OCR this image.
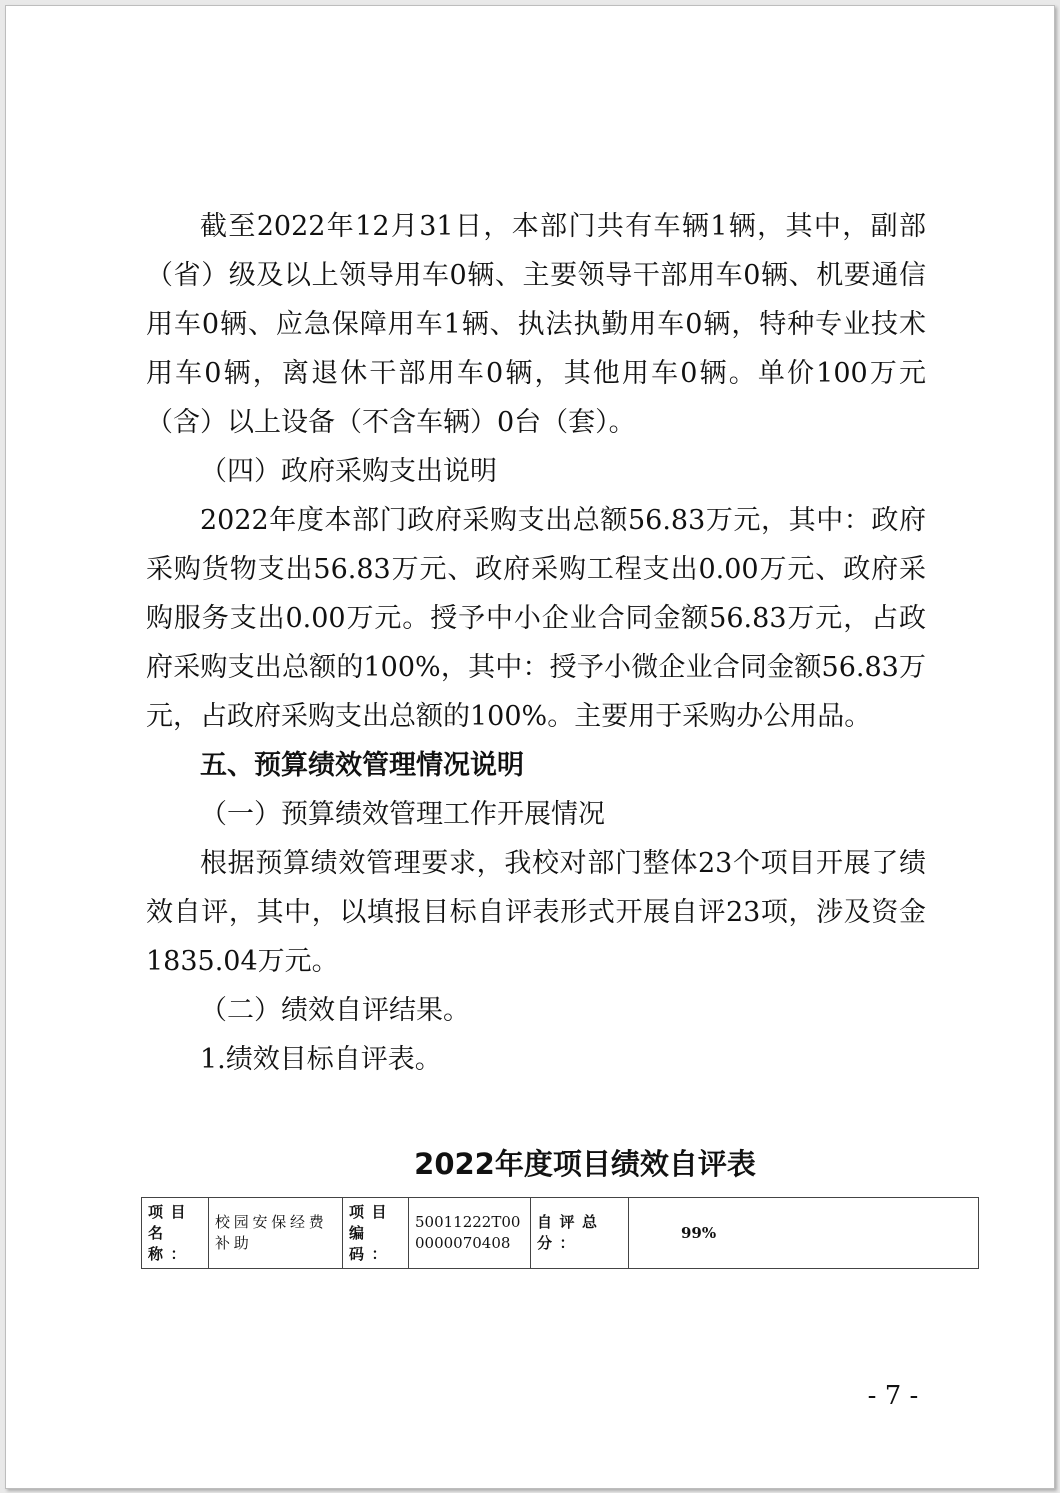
截至2022年12月31日，本部门共有车辆1辆，其中，副部（省）级及以上领导用车0辆、主要领导干部用车0辆、机要通信用车0辆、应急保障用车1辆、执法执勤用车0辆，特种专业技术用车0辆，离退休干部用车0辆，其他用车0辆。单价100万元（含）以上设备（不含车辆）0台（套）。

（四）政府采购支出说明

2022年度本部门政府采购支出总额56.83万元，其中：政府采购货物支出56.83万元、政府采购工程支出0.00万元、政府采购服务支出0.00万元。授予中小企业合同金额56.83万元，占政府采购支出总额的100%，其中：授予小微企业合同金额56.83万元，占政府采购支出总额的100%。主要用于采购办公用品。

五、预算绩效管理情况说明

（一）预算绩效管理工作开展情况

根据预算绩效管理要求，我校对部门整体23个项目开展了绩效自评，其中，以填报目标自评表形式开展自评23项，涉及资金1835.04万元。

（二）绩效自评结果。

1.绩效目标自评表。

2022年度项目绩效自评表

项目名称：	校园安保经费补助	项目编码：	50011222T000000070408	自评总分：	99%

- 7 -
